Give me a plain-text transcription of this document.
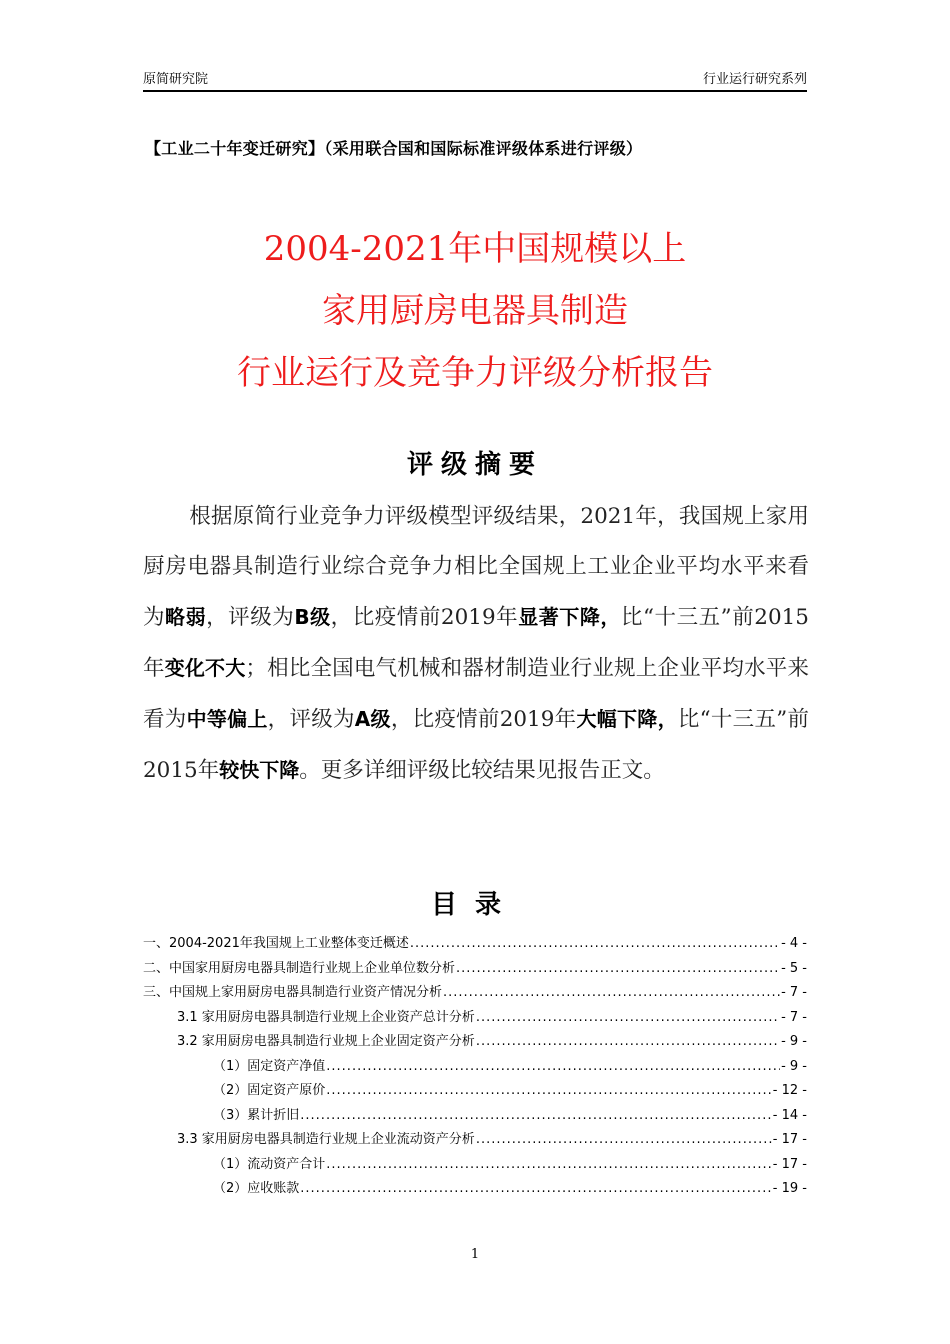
原简研究院	行业运行研究系列
【工业二十年变迁研究】（采用联合国和国际标准评级体系进行评级）
2004-2021年中国规模以上
家用厨房电器具制造
行业运行及竞争力评级分析报告
评级摘要
根据原简行业竞争力评级模型评级结果，2021年，我国规上家用厨房电器具制造行业综合竞争力相比全国规上工业企业平均水平来看为略弱，评级为B级，比疫情前2019年显著下降，比“十三五”前2015年变化不大；相比全国电气机械和器材制造业行业规上企业平均水平来看为中等偏上，评级为A级，比疫情前2019年大幅下降，比“十三五”前2015年较快下降。更多详细评级比较结果见报告正文。
目录
一、2004-2021年我国规上工业整体变迁概述 .....	- 4 -
二、中国家用厨房电器具制造行业规上企业单位数分析 .....	- 5 -
三、中国规上家用厨房电器具制造行业资产情况分析 .....	- 7 -
3.1 家用厨房电器具制造行业规上企业资产总计分析 .....	- 7 -
3.2 家用厨房电器具制造行业规上企业固定资产分析 .....	- 9 -
（1）固定资产净值 .....	- 9 -
（2）固定资产原价 .....	- 12 -
（3）累计折旧 .....	- 14 -
3.3 家用厨房电器具制造行业规上企业流动资产分析 .....	- 17 -
（1）流动资产合计 .....	- 17 -
（2）应收账款 .....	- 19 -
1
